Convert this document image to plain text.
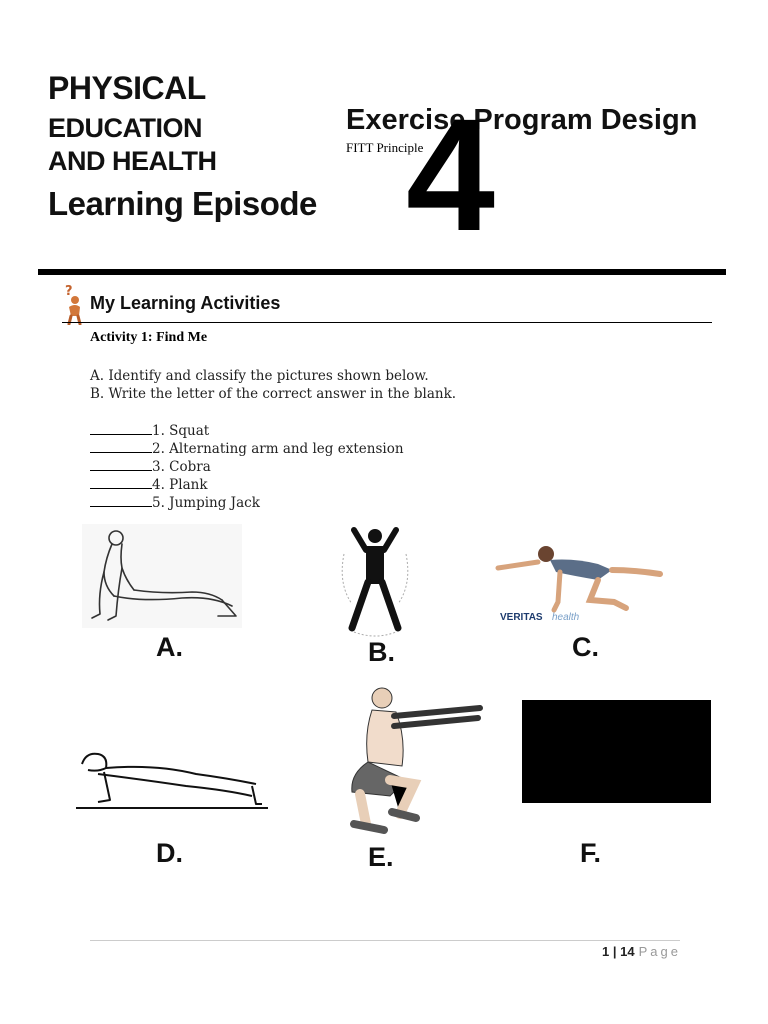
PHYSICAL
EDUCATION
AND HEALTH
Learning Episode
Exercise Program Design
FITT Principle
4
?
My Learning Activities
Activity 1: Find Me
A. Identify and classify the pictures shown below.
B. Write the letter of the correct answer in the blank.
1. Squat
2. Alternating arm and leg extension
3. Cobra
4. Plank
5. Jumping Jack
VERITAS health
A.	B.	C.
D.	E.	F.
1 | 14 Page
